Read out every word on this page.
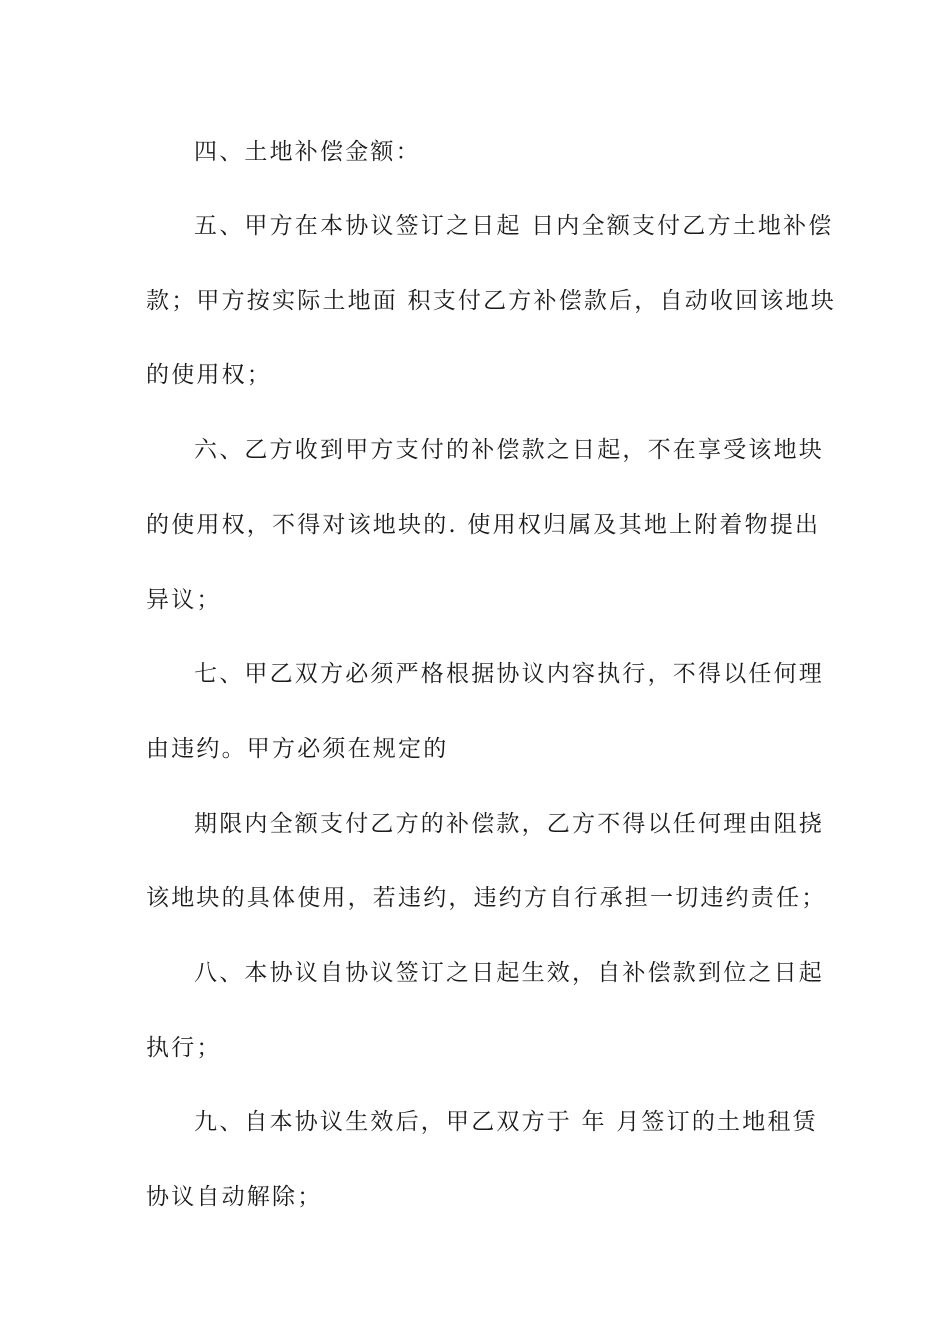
四、土地补偿金额：
五、甲方在本协议签订之日起 日内全额支付乙方土地补偿
款；甲方按实际土地面 积支付乙方补偿款后，自动收回该地块
的使用权；
六、乙方收到甲方支付的补偿款之日起，不在享受该地块
的使用权，不得对该地块的. 使用权归属及其地上附着物提出
异议；
七、甲乙双方必须严格根据协议内容执行，不得以任何理
由违约。甲方必须在规定的
期限内全额支付乙方的补偿款，乙方不得以任何理由阻挠
该地块的具体使用，若违约，违约方自行承担一切违约责任；
八、本协议自协议签订之日起生效，自补偿款到位之日起
执行；
九、自本协议生效后，甲乙双方于 年 月签订的土地租赁
协议自动解除；
